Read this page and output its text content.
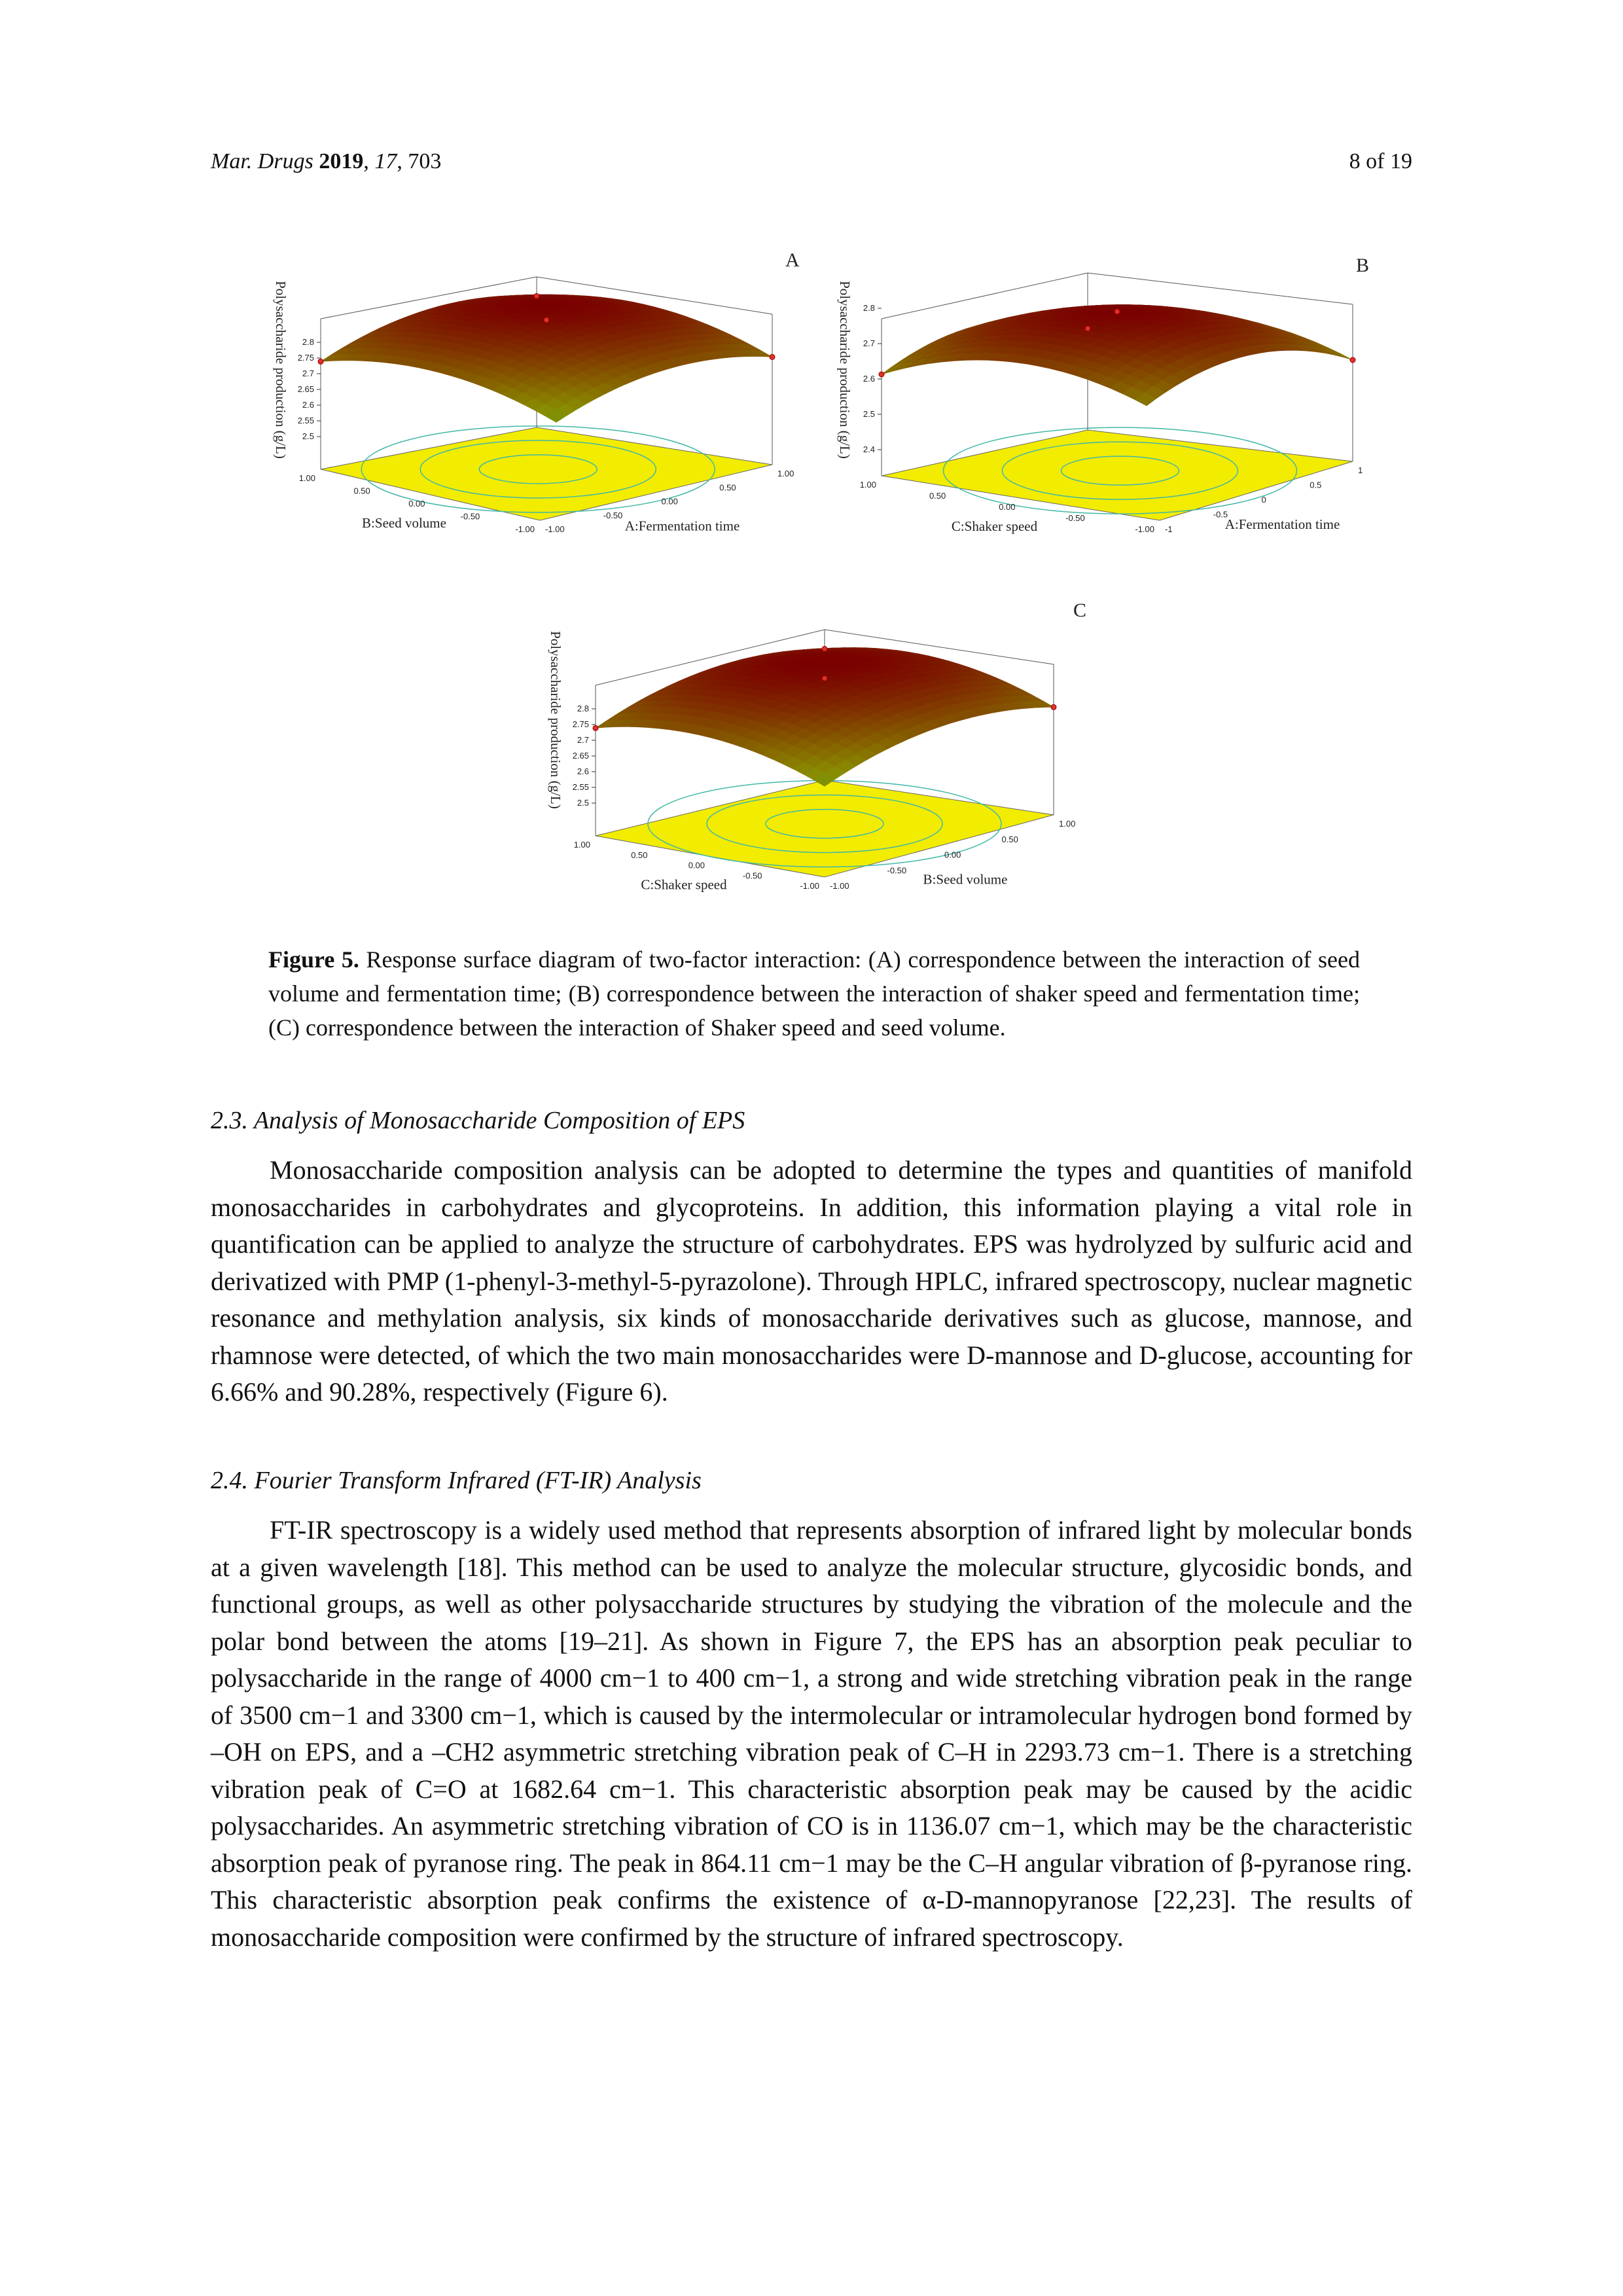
Mar. Drugs 2019, 17, 703	8 of 19
2.5
2.55
2.6
2.65
2.7
2.75
2.8
1.00
0.50
0.00
-0.50
-1.00 -1.00
-0.50
0.00
0.50
1.00
B:Seed volume	A:Fermentation time
Polysaccharide production (g/L)
A
2.4
2.5
2.6
2.7
2.8
1.00
0.50
0.00
-0.50
-1.00 -1
-0.5
0
0.5
1
C:Shaker speed	A:Fermentation time
Polysaccharide production (g/L)
B
2.5
2.55
2.6
2.65
2.7
2.75
2.8
1.00
0.50
0.00
-0.50
-1.00 -1.00
-0.50
0.00
0.50
1.00
C:Shaker speed	B:Seed volume
Polysaccharide production (g/L)
C
Figure 5. Response surface diagram of two-factor interaction: (A) correspondence between the interaction of seed volume and fermentation time; (B) correspondence between the interaction of shaker speed and fermentation time; (C) correspondence between the interaction of Shaker speed and seed volume.
2.3. Analysis of Monosaccharide Composition of EPS
Monosaccharide composition analysis can be adopted to determine the types and quantities of manifold monosaccharides in carbohydrates and glycoproteins. In addition, this information playing a vital role in quantification can be applied to analyze the structure of carbohydrates. EPS was hydrolyzed by sulfuric acid and derivatized with PMP (1-phenyl-3-methyl-5-pyrazolone). Through HPLC, infrared spectroscopy, nuclear magnetic resonance and methylation analysis, six kinds of monosaccharide derivatives such as glucose, mannose, and rhamnose were detected, of which the two main monosaccharides were D-mannose and D-glucose, accounting for 6.66% and 90.28%, respectively (Figure 6).
2.4. Fourier Transform Infrared (FT-IR) Analysis
FT-IR spectroscopy is a widely used method that represents absorption of infrared light by molecular bonds at a given wavelength [18]. This method can be used to analyze the molecular structure, glycosidic bonds, and functional groups, as well as other polysaccharide structures by studying the vibration of the molecule and the polar bond between the atoms [19–21]. As shown in Figure 7, the EPS has an absorption peak peculiar to polysaccharide in the range of 4000 cm−1 to 400 cm−1, a strong and wide stretching vibration peak in the range of 3500 cm−1 and 3300 cm−1, which is caused by the intermolecular or intramolecular hydrogen bond formed by –OH on EPS, and a –CH2 asymmetric stretching vibration peak of C–H in 2293.73 cm−1. There is a stretching vibration peak of C=O at 1682.64 cm−1. This characteristic absorption peak may be caused by the acidic polysaccharides. An asymmetric stretching vibration of CO is in 1136.07 cm−1, which may be the characteristic absorption peak of pyranose ring. The peak in 864.11 cm−1 may be the C–H angular vibration of β-pyranose ring. This characteristic absorption peak confirms the existence of α-D-mannopyranose [22,23]. The results of monosaccharide composition were confirmed by the structure of infrared spectroscopy.
